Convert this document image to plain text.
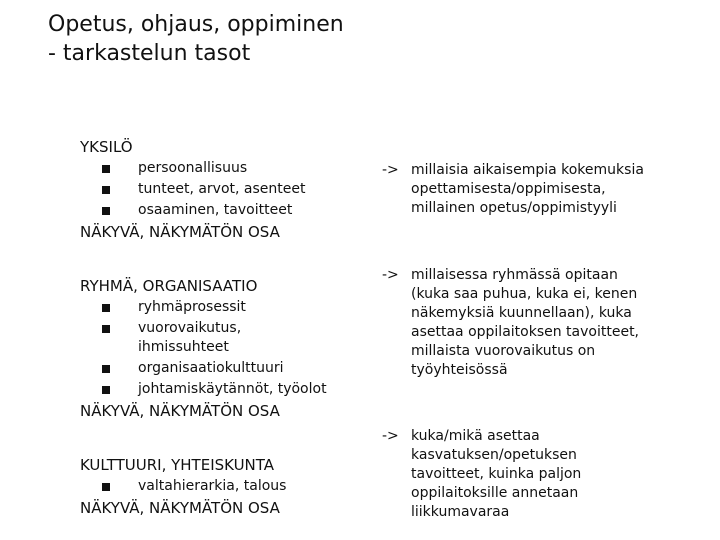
Opetus, ohjaus, oppiminen
- tarkastelun tasot
YKSILÖ
persoonallisuus
tunteet, arvot, asenteet
osaaminen, tavoitteet
NÄKYVÄ, NÄKYMÄTÖN OSA
RYHMÄ, ORGANISAATIO
ryhmäprosessit
vuorovaikutus, ihmissuhteet
organisaatiokulttuuri
johtamiskäytännöt, työolot
NÄKYVÄ, NÄKYMÄTÖN OSA
KULTTUURI, YHTEISKUNTA
valtahierarkia, talous
NÄKYVÄ, NÄKYMÄTÖN OSA
-> millaisia aikaisempia kokemuksia opettamisesta/oppimisesta, millainen opetus/oppimistyyli
-> millaisessa ryhmässä opitaan (kuka saa puhua, kuka ei, kenen näkemyksiä kuunnellaan), kuka asettaa oppilaitoksen tavoitteet, millaista vuorovaikutus on työyhteisössä
-> kuka/mikä asettaa kasvatuksen/opetuksen tavoitteet, kuinka paljon oppilaitoksille annetaan liikkumavaraa
